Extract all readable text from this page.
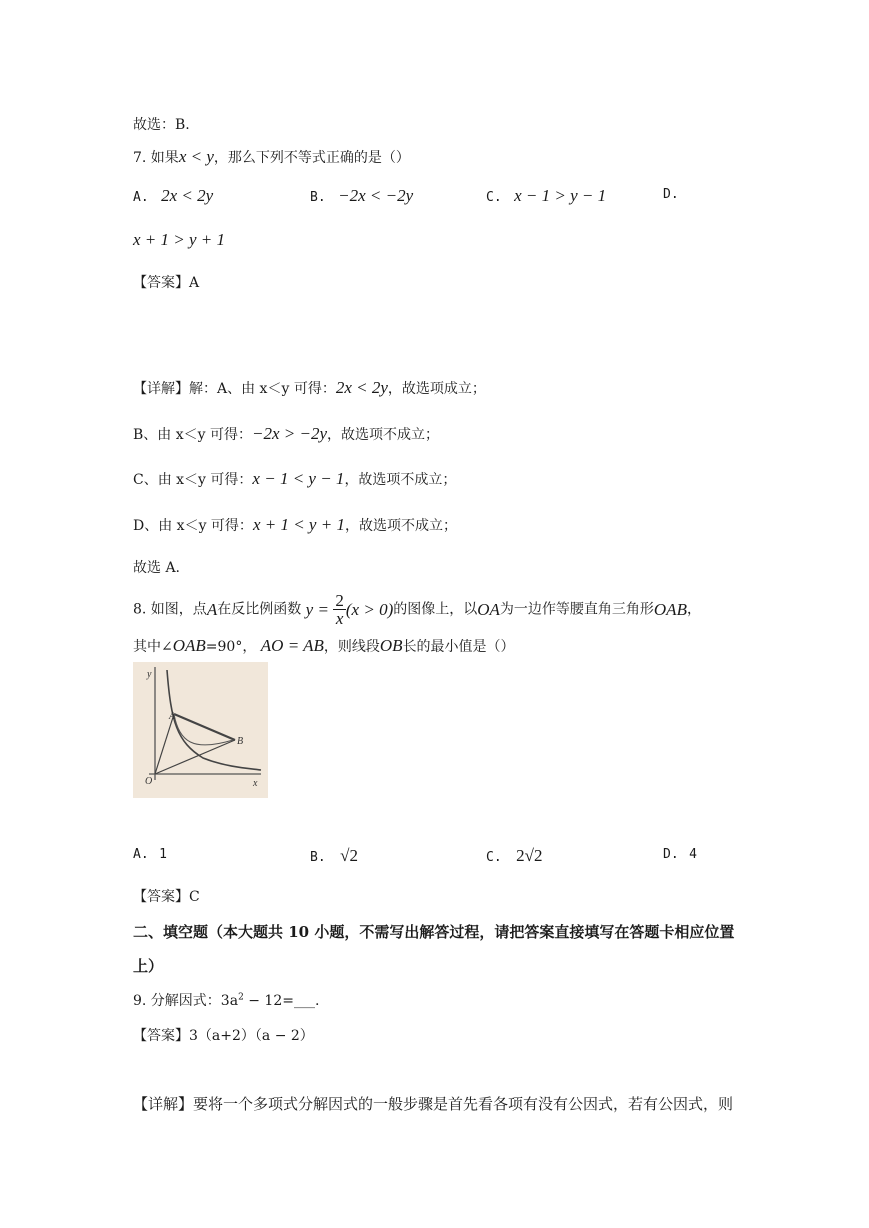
故选：B.
7. 如果x < y，那么下列不等式正确的是（）
A. 2x < 2y	B. −2x < −2y	C. x − 1 > y − 1	D.
x + 1 > y + 1
【答案】A
【详解】解：A、由 x＜y 可得：2x < 2y，故选项成立；
B、由 x＜y 可得：−2x > −2y，故选项不成立；
C、由 x＜y 可得：x − 1 < y − 1，故选项不成立；
D、由 x＜y 可得：x + 1 < y + 1，故选项不成立；
故选 A.
8. 如图，点A在反比例函数 $y = \frac{2}{x} (x > 0)$的图像上，以OA为一边作等腰直角三角形OAB，
其中∠OAB=90°， AO = AB，则线段OB长的最小值是（）
y
x
O
A
B
A. 1	B. √2	C. 2√2	D. 4
【答案】C
二、填空题（本大题共 10 小题，不需写出解答过程，请把答案直接填写在答题卡相应位置
上）
9. 分解因式：$3a^2$ − 12=___.
【答案】3（a+2）（a − 2）
【详解】要将一个多项式分解因式的一般步骤是首先看各项有没有公因式，若有公因式，则
